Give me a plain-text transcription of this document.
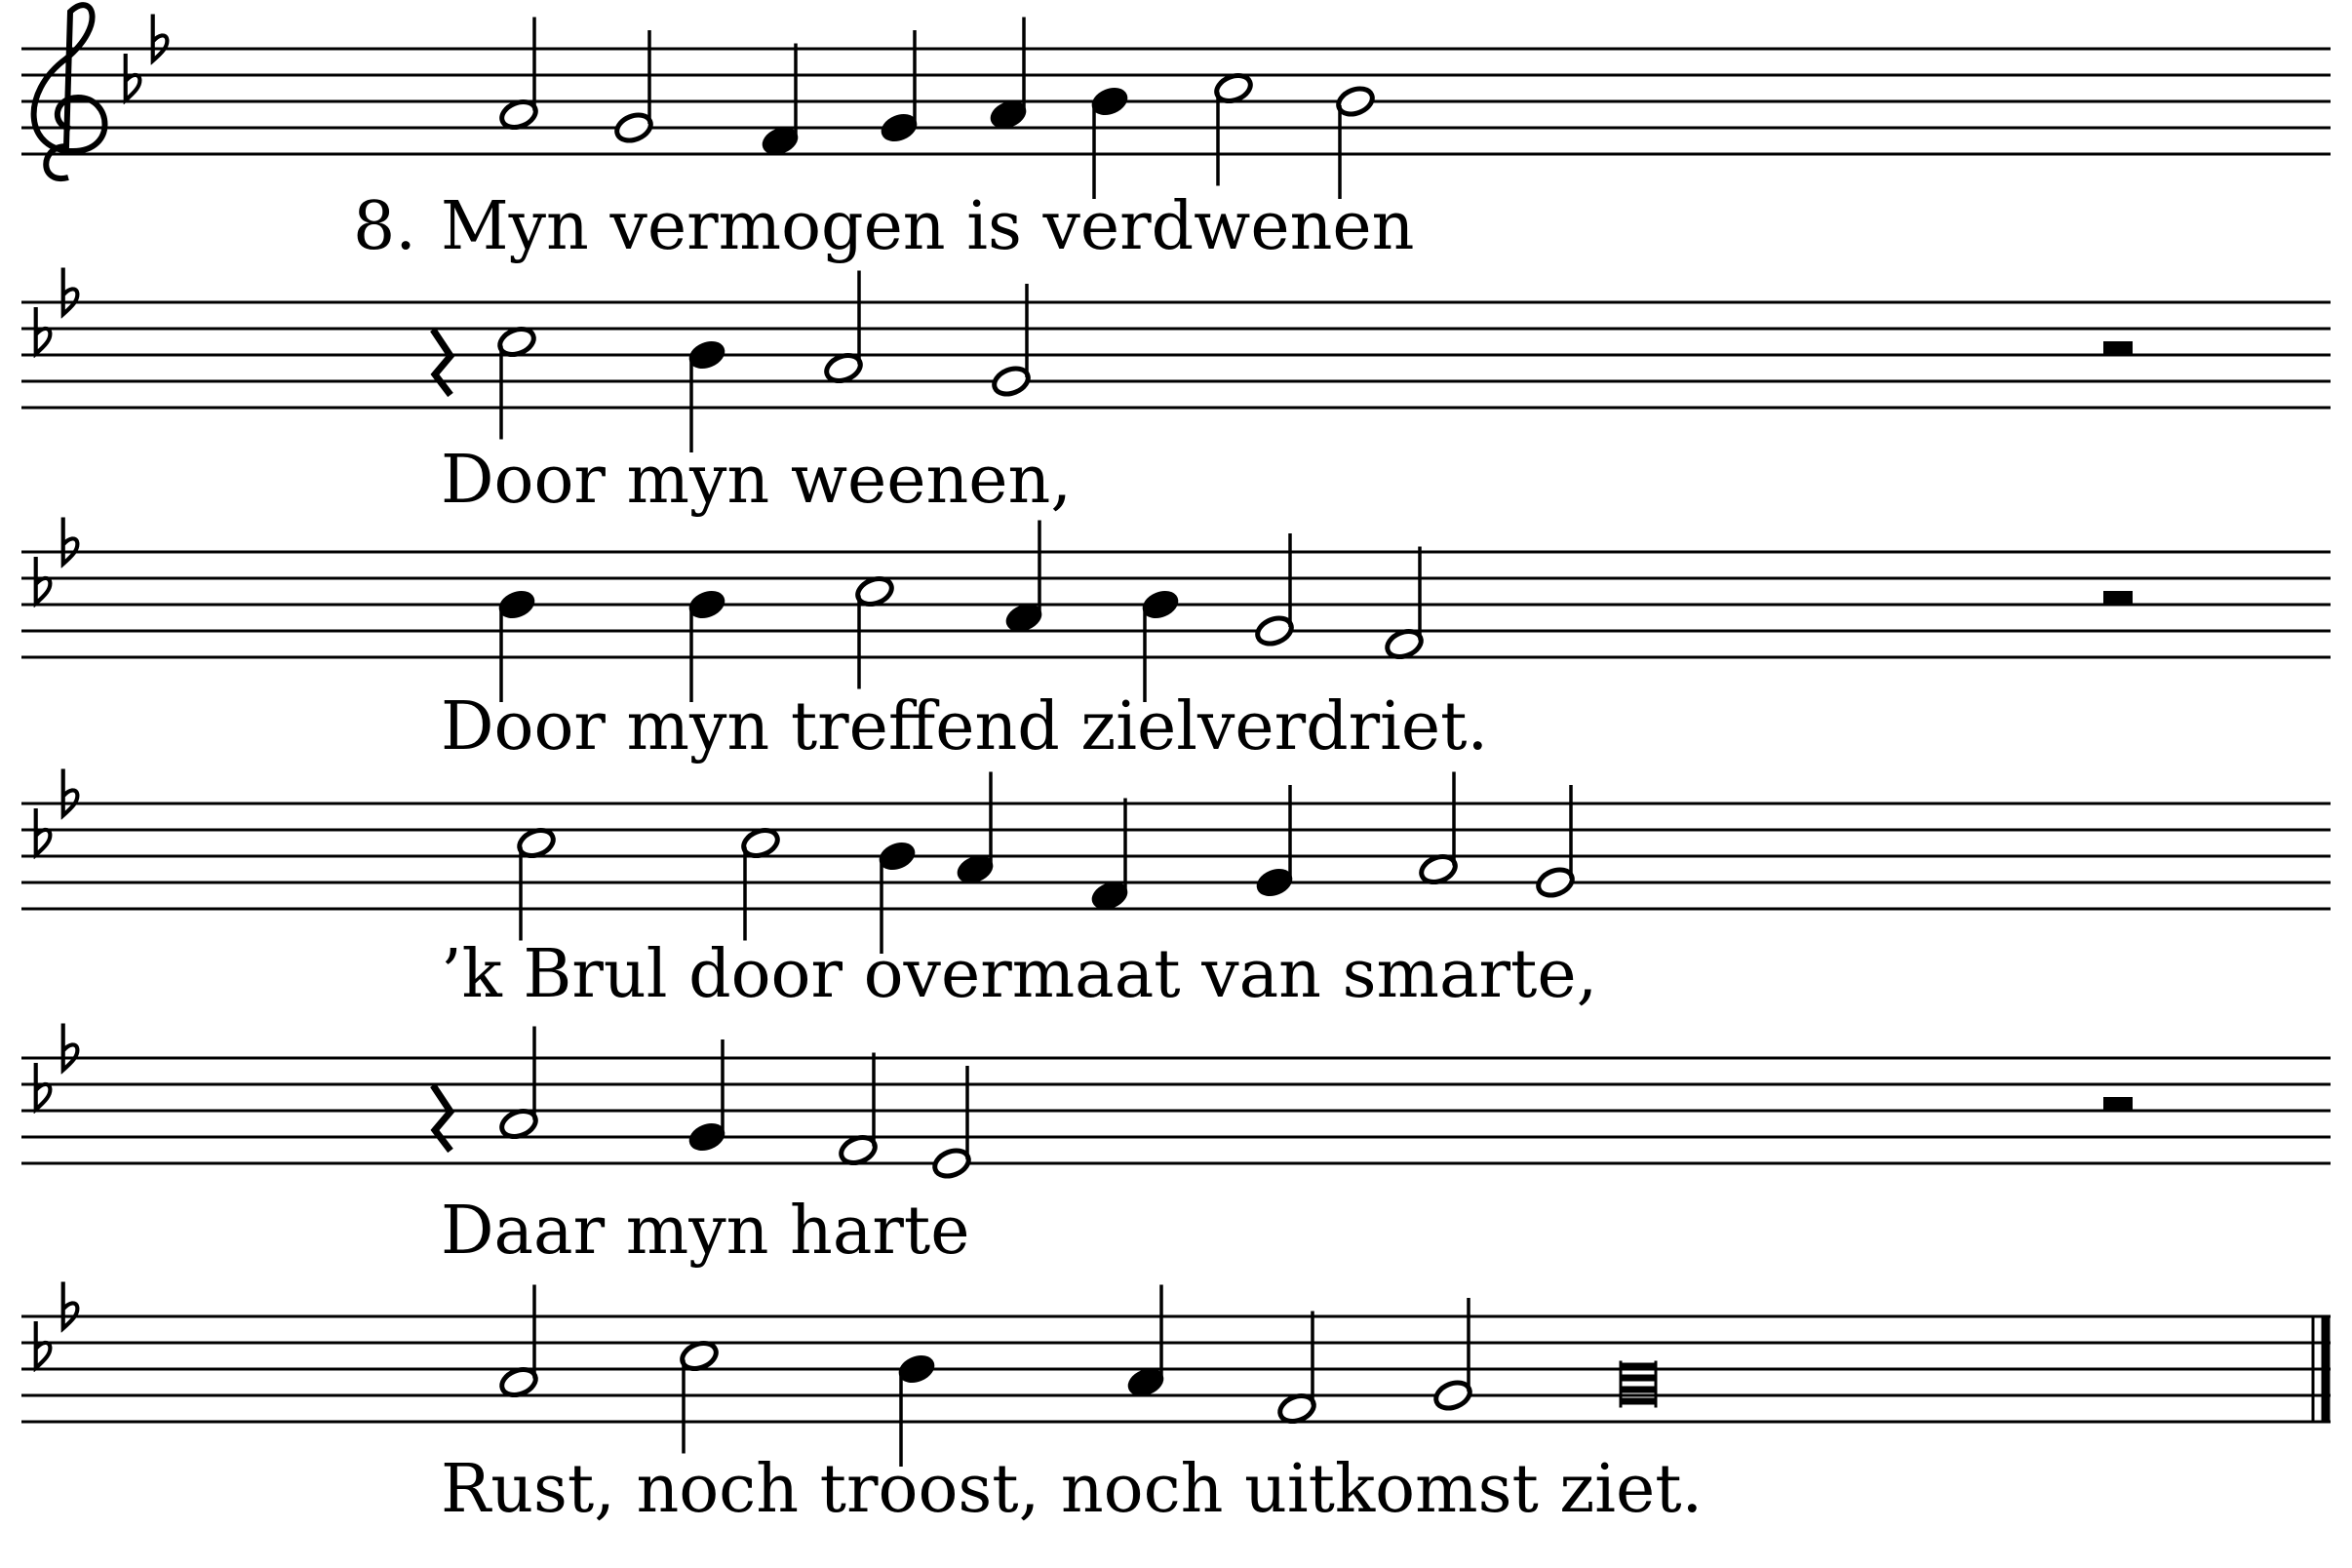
8. Myn vermogen is verdwenen
Door myn weenen,
Door myn treffend zielverdriet.
’k Brul door overmaat van smarte,
Daar myn harte
Rust, noch troost, noch uitkomst ziet.
